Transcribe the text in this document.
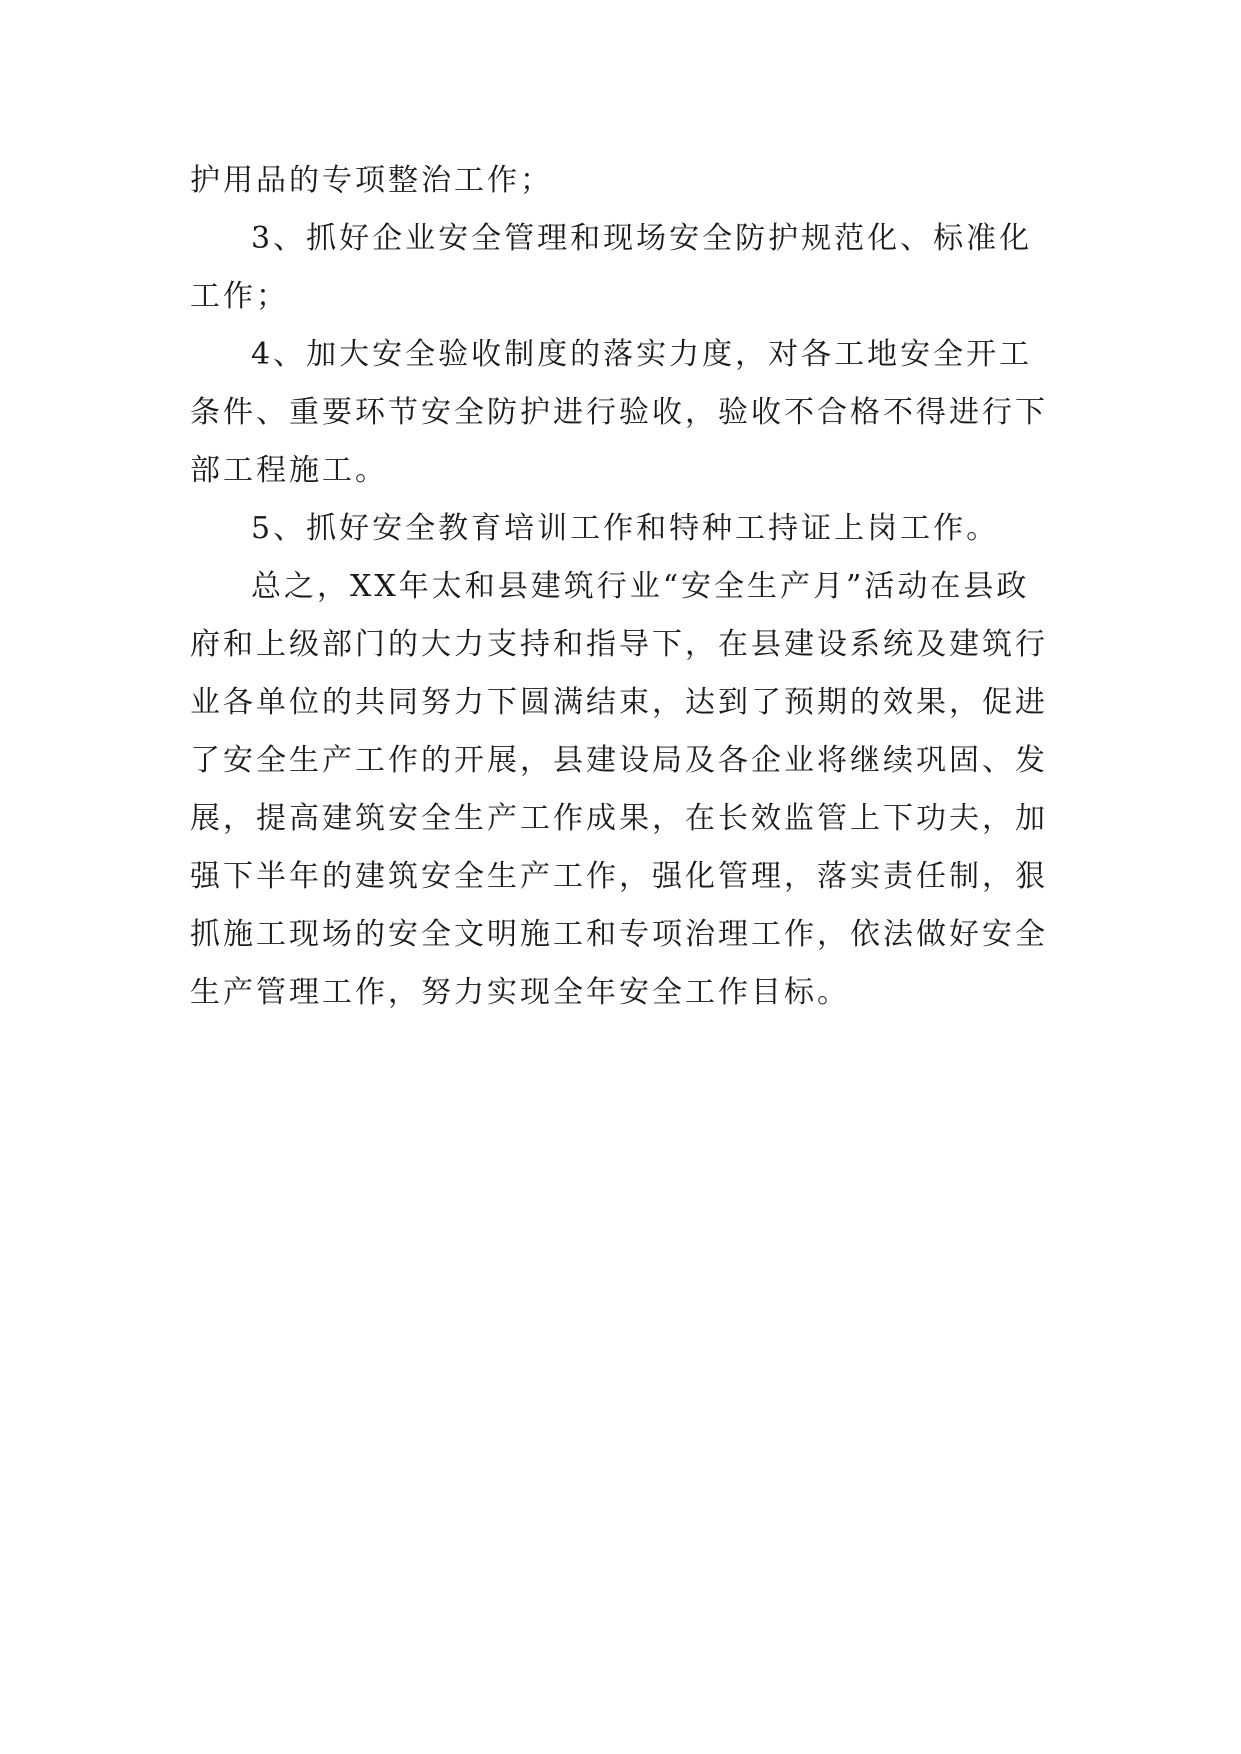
护用品的专项整治工作；
3、抓好企业安全管理和现场安全防护规范化、标准化
工作；
4、加大安全验收制度的落实力度，对各工地安全开工
条件、重要环节安全防护进行验收，验收不合格不得进行下
部工程施工。
5、抓好安全教育培训工作和特种工持证上岗工作。
总之，XX年太和县建筑行业“安全生产月”活动在县政
府和上级部门的大力支持和指导下，在县建设系统及建筑行
业各单位的共同努力下圆满结束，达到了预期的效果，促进
了安全生产工作的开展，县建设局及各企业将继续巩固、发
展，提高建筑安全生产工作成果，在长效监管上下功夫，加
强下半年的建筑安全生产工作，强化管理，落实责任制，狠
抓施工现场的安全文明施工和专项治理工作，依法做好安全
生产管理工作，努力实现全年安全工作目标。
